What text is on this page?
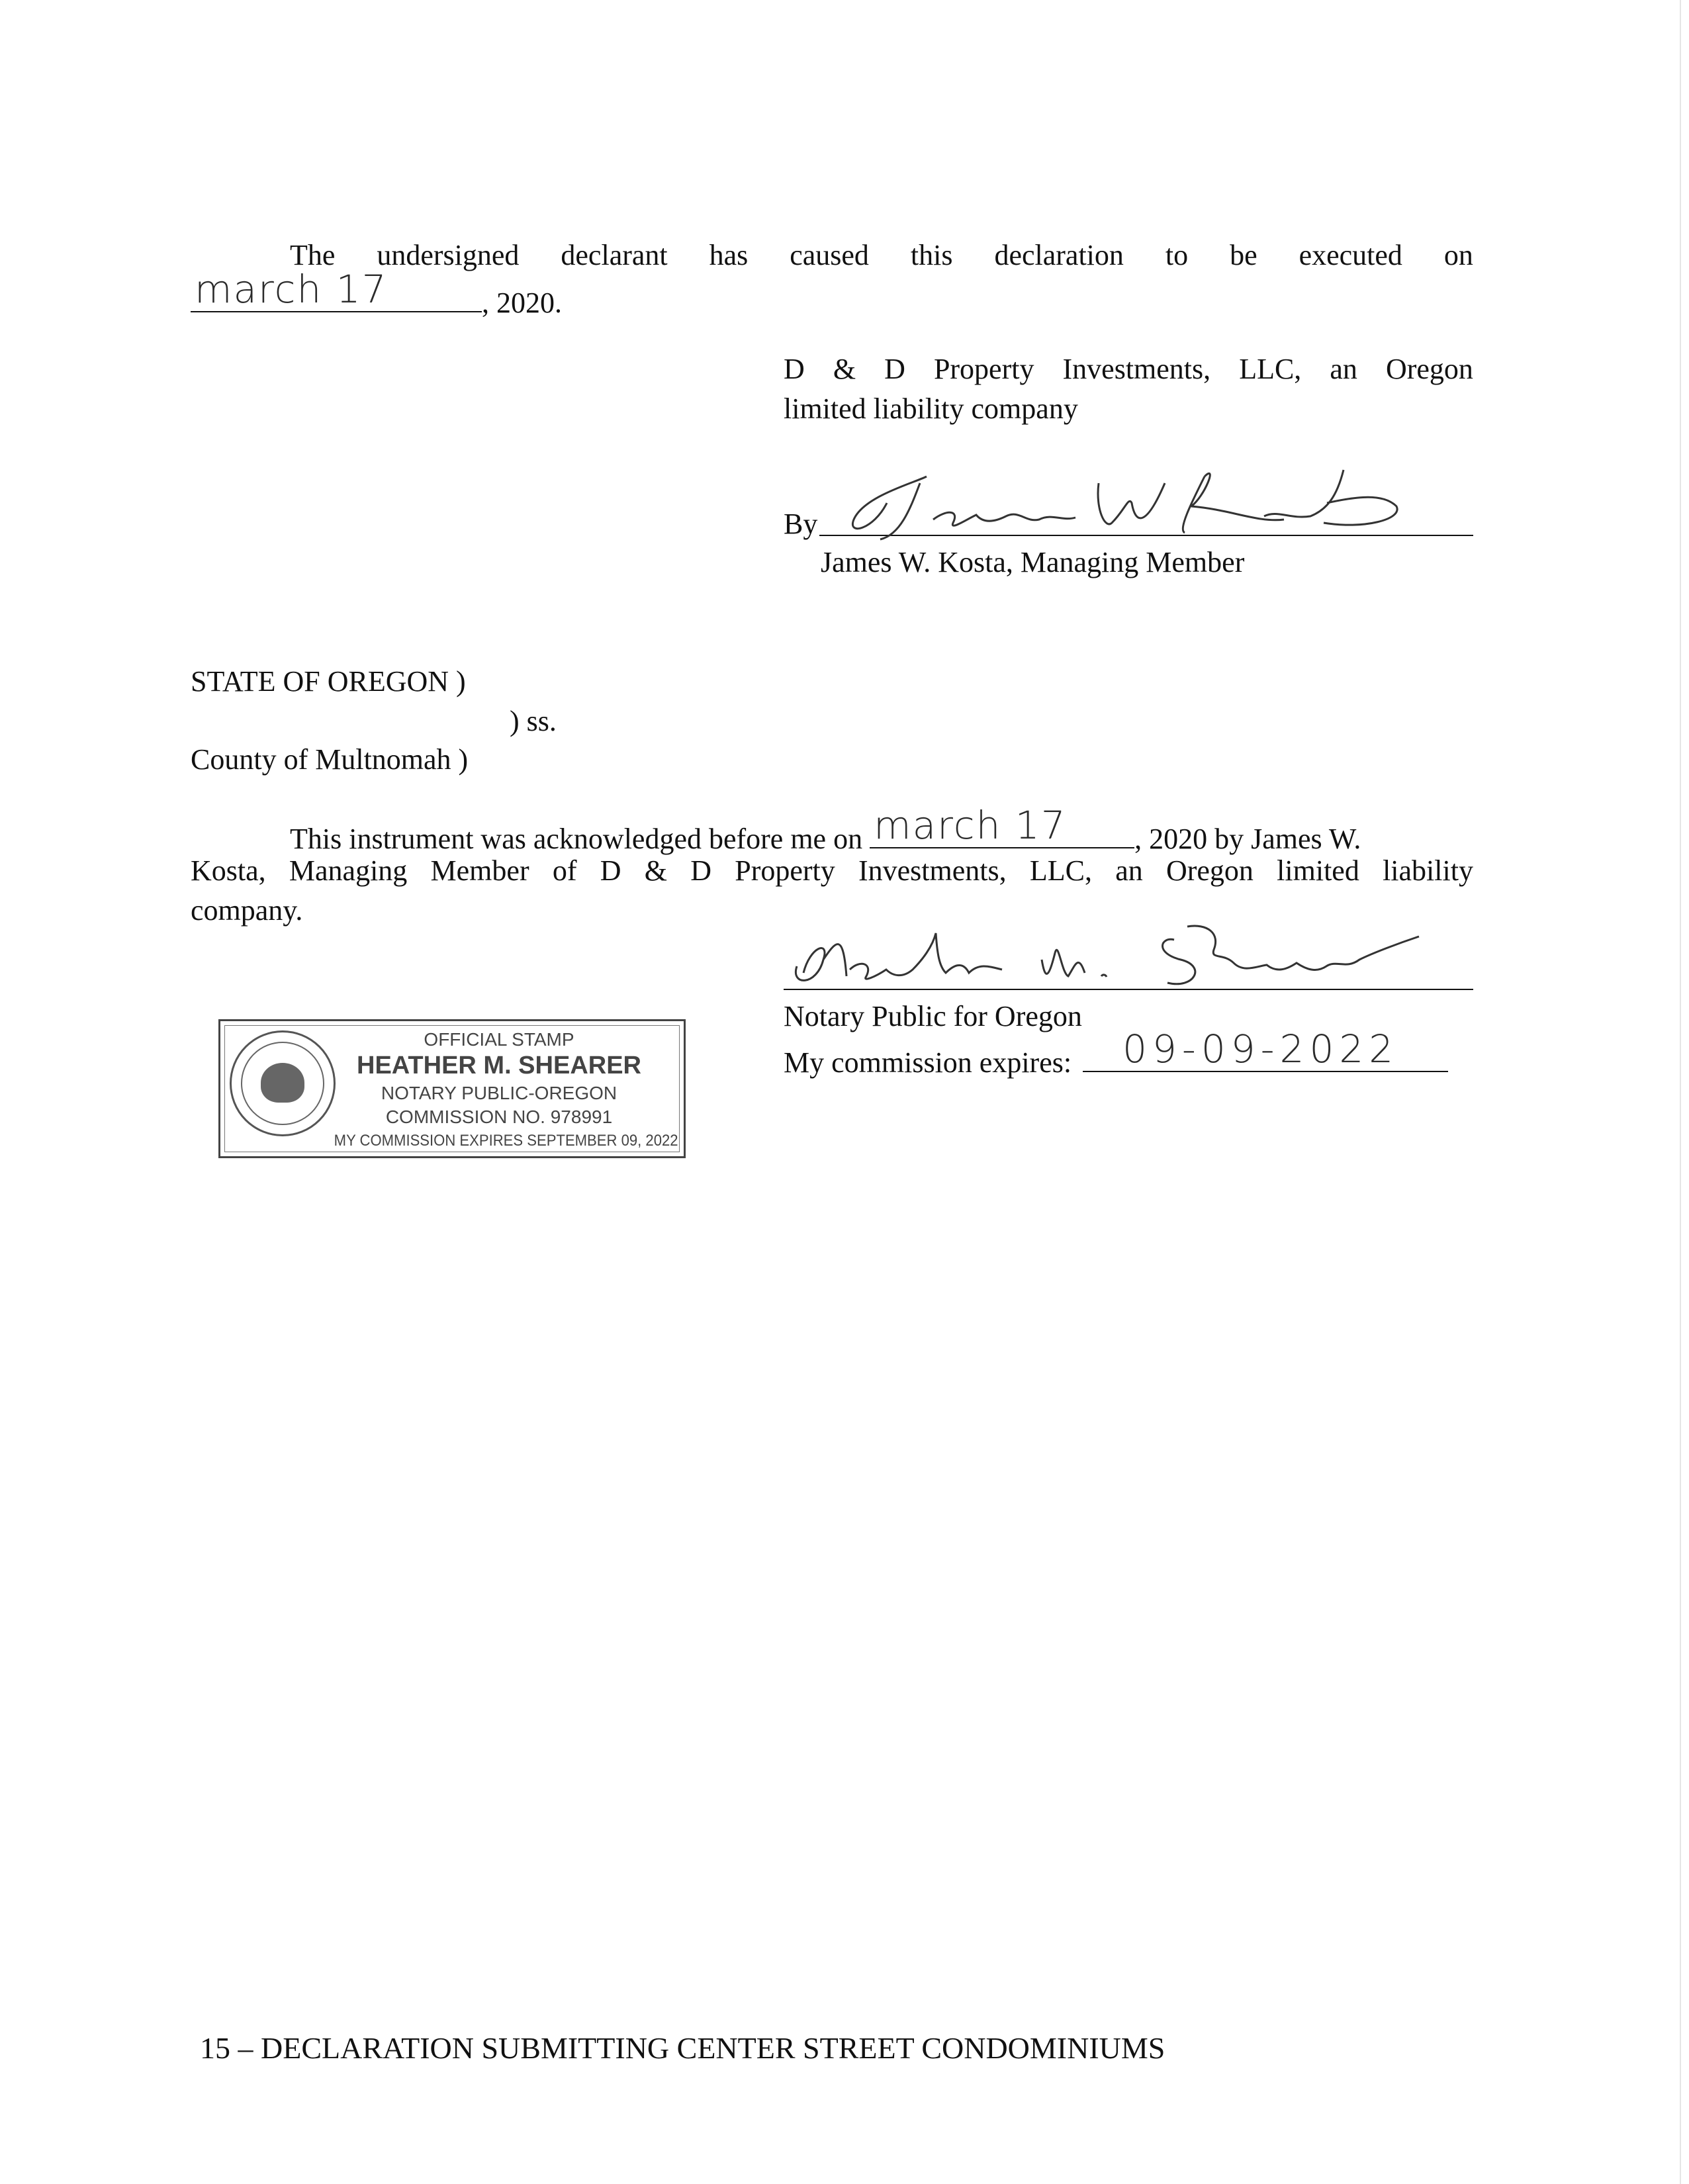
The undersigned declarant has caused this declaration to be executed on
march 17	, 2020.
D & D Property Investments, LLC, an Oregon
limited liability company
By
James W. Kosta, Managing Member
STATE OF OREGON )
) ss.
County of Multnomah )
This instrument was acknowledged before me on march 17 , 2020 by James W.
Kosta, Managing Member of D & D Property Investments, LLC, an Oregon limited liability
company.
Notary Public for Oregon
My commission expires: 09-09-2022
OFFICIAL STAMP
HEATHER M. SHEARER
NOTARY PUBLIC-OREGON
COMMISSION NO. 978991
MY COMMISSION EXPIRES SEPTEMBER 09, 2022
15 – DECLARATION SUBMITTING CENTER STREET CONDOMINIUMS
